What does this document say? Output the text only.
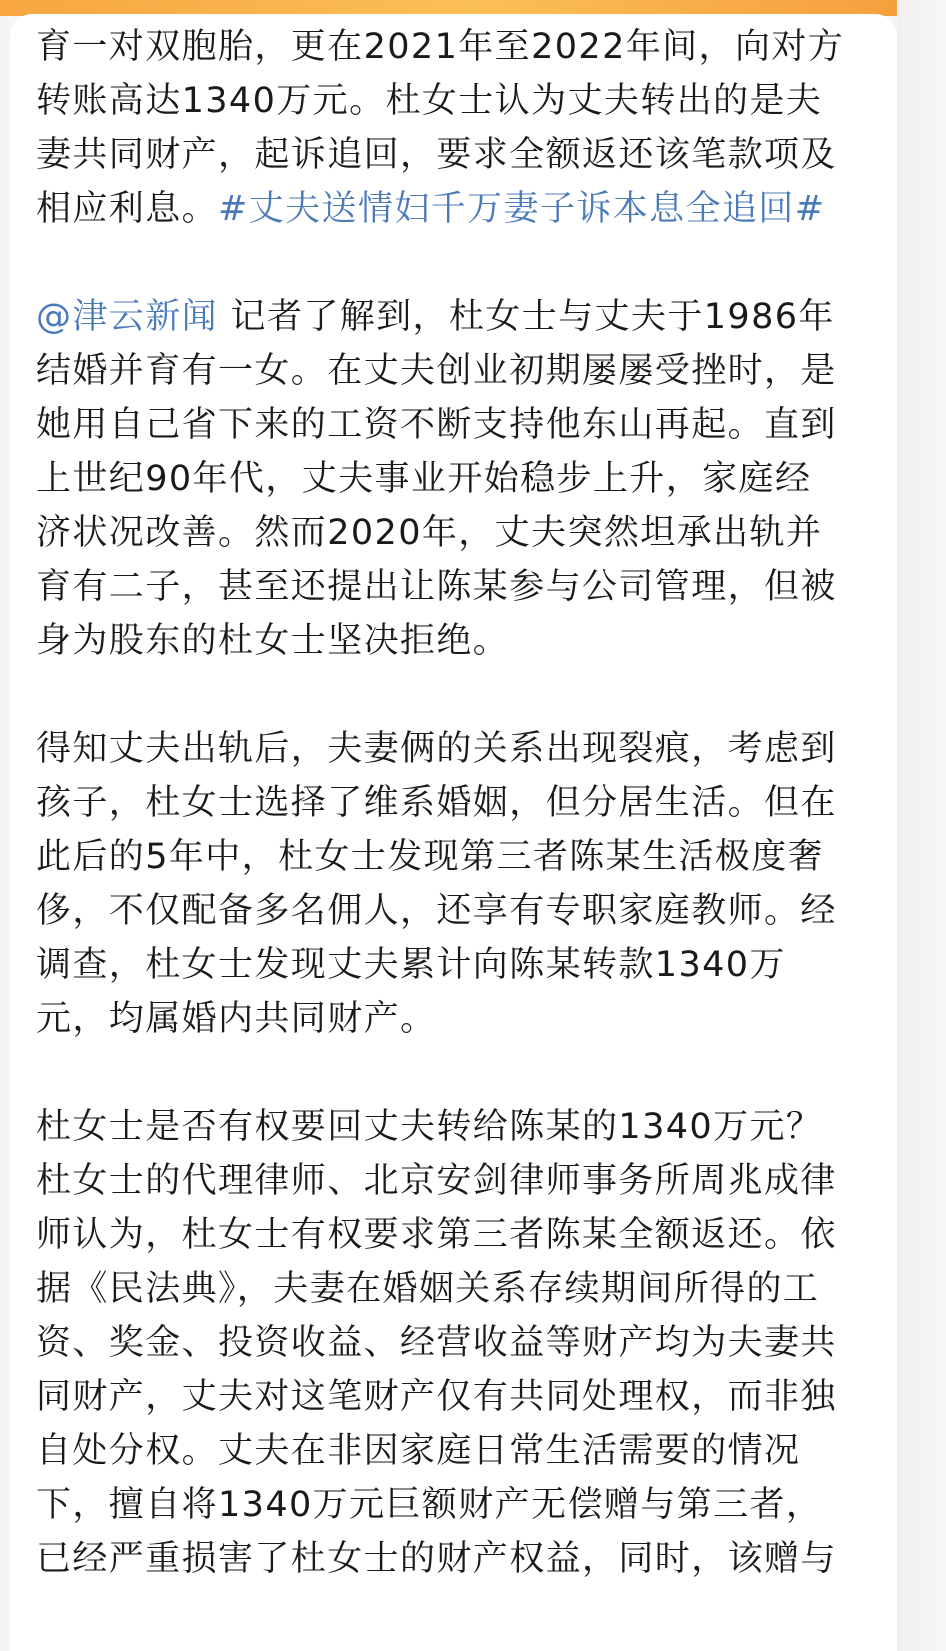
育一对双胞胎，更在2021年至2022年间，向对方
转账高达1340万元。杜女士认为丈夫转出的是夫
妻共同财产，起诉追回，要求全额返还该笔款项及
相应利息。#丈夫送情妇千万妻子诉本息全追回#

@津云新闻 记者了解到，杜女士与丈夫于1986年
结婚并育有一女。在丈夫创业初期屡屡受挫时，是
她用自己省下来的工资不断支持他东山再起。直到
上世纪90年代，丈夫事业开始稳步上升，家庭经
济状况改善。然而2020年，丈夫突然坦承出轨并
育有二子，甚至还提出让陈某参与公司管理，但被
身为股东的杜女士坚决拒绝。

得知丈夫出轨后，夫妻俩的关系出现裂痕，考虑到
孩子，杜女士选择了维系婚姻，但分居生活。但在
此后的5年中，杜女士发现第三者陈某生活极度奢
侈，不仅配备多名佣人，还享有专职家庭教师。经
调查，杜女士发现丈夫累计向陈某转款1340万
元，均属婚内共同财产。

杜女士是否有权要回丈夫转给陈某的1340万元？
杜女士的代理律师、北京安剑律师事务所周兆成律
师认为，杜女士有权要求第三者陈某全额返还。依
据《民法典》，夫妻在婚姻关系存续期间所得的工
资、奖金、投资收益、经营收益等财产均为夫妻共
同财产，丈夫对这笔财产仅有共同处理权，而非独
自处分权。丈夫在非因家庭日常生活需要的情况
下，擅自将1340万元巨额财产无偿赠与第三者，
已经严重损害了杜女士的财产权益，同时，该赠与
